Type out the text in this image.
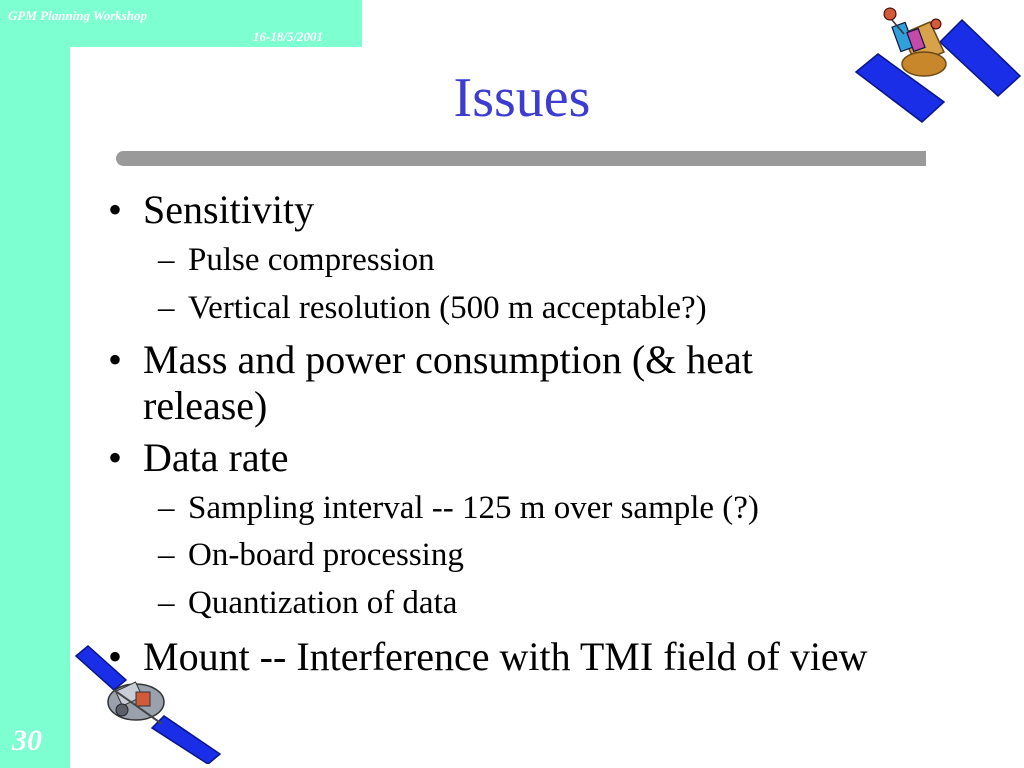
GPM Planning Workshop
16-18/5/2001
Issues
• Sensitivity
– Pulse compression
– Vertical resolution (500 m acceptable?)
• Mass and power consumption (& heat
release)
• Data rate
– Sampling interval -- 125 m over sample (?)
– On-board processing
– Quantization of data
• Mount -- Interference with TMI field of view
30
